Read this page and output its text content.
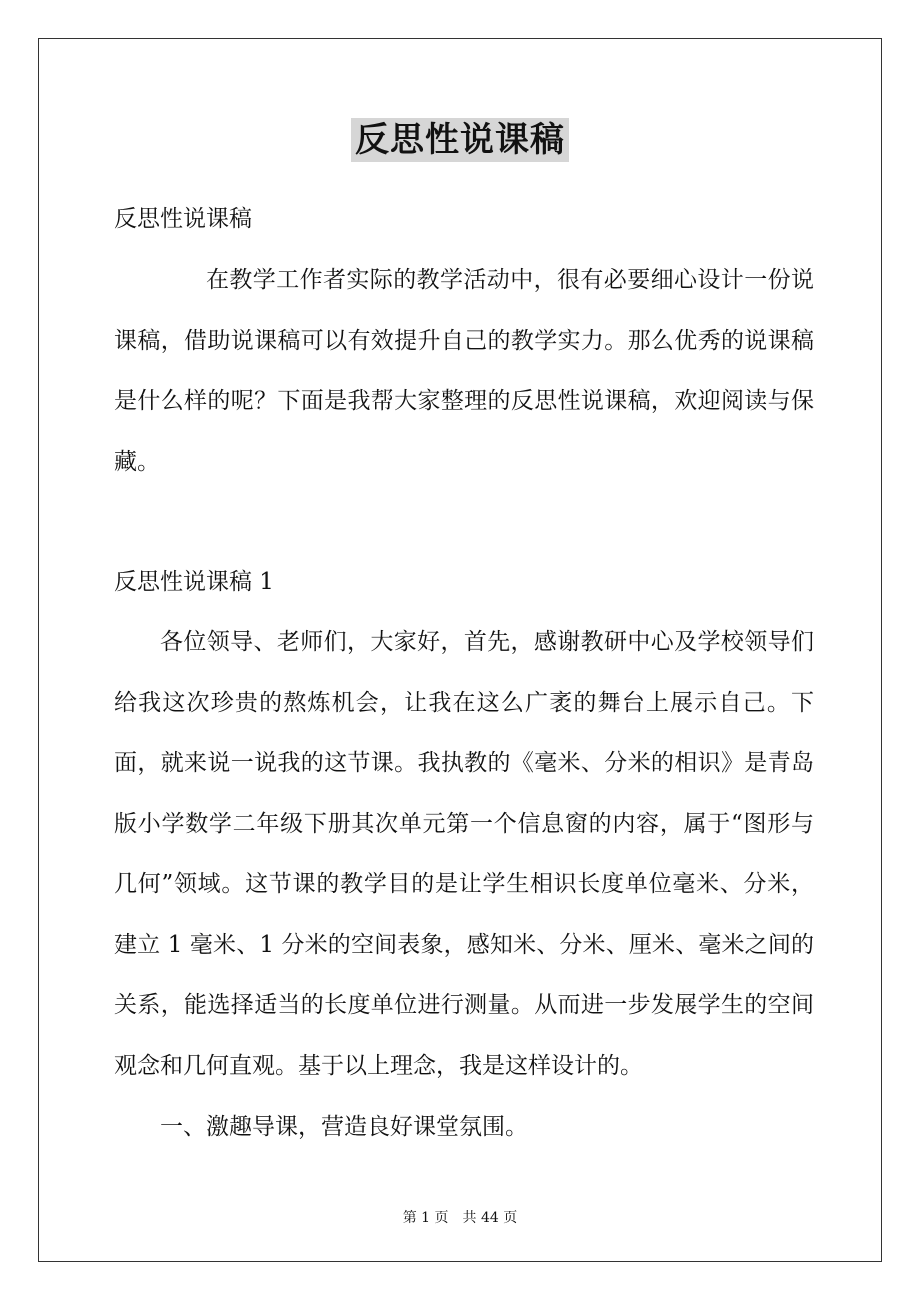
反思性说课稿
反思性说课稿
在教学工作者实际的教学活动中，很有必要细心设计一份说课稿，借助说课稿可以有效提升自己的教学实力。那么优秀的说课稿是什么样的呢？下面是我帮大家整理的反思性说课稿，欢迎阅读与保藏。
反思性说课稿 1
各位领导、老师们，大家好，首先，感谢教研中心及学校领导们给我这次珍贵的熬炼机会，让我在这么广袤的舞台上展示自己。下面，就来说一说我的这节课。我执教的《毫米、分米的相识》是青岛版小学数学二年级下册其次单元第一个信息窗的内容，属于“图形与几何”领域。这节课的教学目的是让学生相识长度单位毫米、分米，建立 1 毫米、1 分米的空间表象，感知米、分米、厘米、毫米之间的关系，能选择适当的长度单位进行测量。从而进一步发展学生的空间观念和几何直观。基于以上理念，我是这样设计的。
一、激趣导课，营造良好课堂氛围。
第 1 页　共 44 页
